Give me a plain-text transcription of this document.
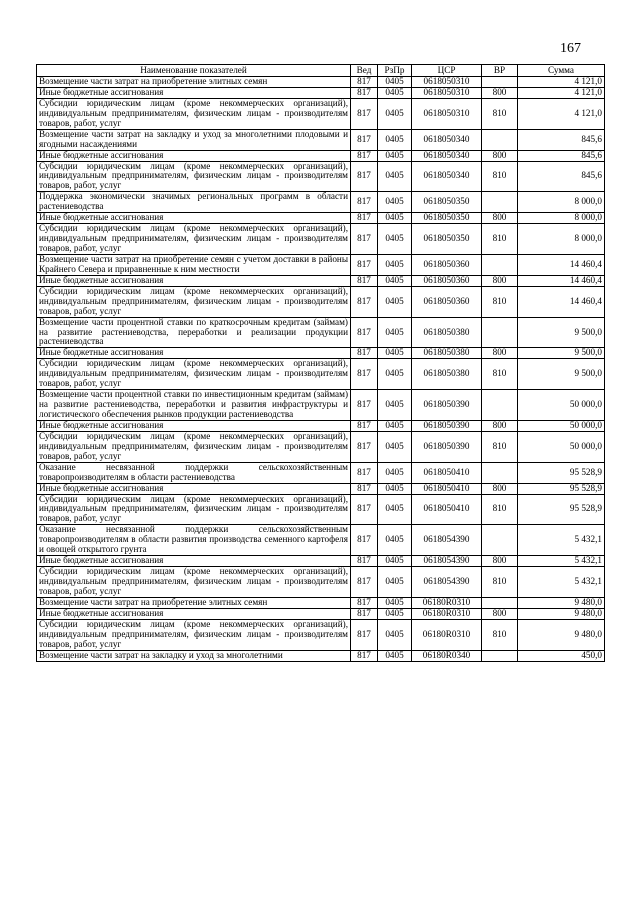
167
Наименование показателей	Вед	РзПр	ЦСР	ВР	Сумма
Возмещение части затрат на приобретение элитных семян	817	0405	0618050310		4 121,0
Иные бюджетные ассигнования	817	0405	0618050310	800	4 121,0
Субсидии юридическим лицам (кроме некоммерческих организаций), индивидуальным предпринимателям, физическим лицам - производителям товаров, работ, услуг	817	0405	0618050310	810	4 121,0
Возмещение части затрат на закладку и уход за многолетними плодовыми и ягодными насаждениями	817	0405	0618050340		845,6
Иные бюджетные ассигнования	817	0405	0618050340	800	845,6
Субсидии юридическим лицам (кроме некоммерческих организаций), индивидуальным предпринимателям, физическим лицам - производителям товаров, работ, услуг	817	0405	0618050340	810	845,6
Поддержка экономически значимых региональных программ в области растениеводства	817	0405	0618050350		8 000,0
Иные бюджетные ассигнования	817	0405	0618050350	800	8 000,0
Субсидии юридическим лицам (кроме некоммерческих организаций), индивидуальным предпринимателям, физическим лицам - производителям товаров, работ, услуг	817	0405	0618050350	810	8 000,0
Возмещение части затрат на приобретение семян с учетом доставки в районы Крайнего Севера и приравненные к ним местности	817	0405	0618050360		14 460,4
Иные бюджетные ассигнования	817	0405	0618050360	800	14 460,4
Субсидии юридическим лицам (кроме некоммерческих организаций), индивидуальным предпринимателям, физическим лицам - производителям товаров, работ, услуг	817	0405	0618050360	810	14 460,4
Возмещение части процентной ставки по краткосрочным кредитам (займам) на развитие растениеводства, переработки и реализации продукции растениеводства	817	0405	0618050380		9 500,0
Иные бюджетные ассигнования	817	0405	0618050380	800	9 500,0
Субсидии юридическим лицам (кроме некоммерческих организаций), индивидуальным предпринимателям, физическим лицам - производителям товаров, работ, услуг	817	0405	0618050380	810	9 500,0
Возмещение части процентной ставки по инвестиционным кредитам (займам) на развитие растениеводства, переработки и развития инфраструктуры и логистического обеспечения рынков продукции растениеводства	817	0405	0618050390		50 000,0
Иные бюджетные ассигнования	817	0405	0618050390	800	50 000,0
Субсидии юридическим лицам (кроме некоммерческих организаций), индивидуальным предпринимателям, физическим лицам - производителям товаров, работ, услуг	817	0405	0618050390	810	50 000,0
Оказание несвязанной поддержки сельскохозяйственным товаропроизводителям в области растениеводства	817	0405	0618050410		95 528,9
Иные бюджетные ассигнования	817	0405	0618050410	800	95 528,9
Субсидии юридическим лицам (кроме некоммерческих организаций), индивидуальным предпринимателям, физическим лицам - производителям товаров, работ, услуг	817	0405	0618050410	810	95 528,9
Оказание несвязанной поддержки сельскохозяйственным товаропроизводителям в области развития производства семенного картофеля и овощей открытого грунта	817	0405	0618054390		5 432,1
Иные бюджетные ассигнования	817	0405	0618054390	800	5 432,1
Субсидии юридическим лицам (кроме некоммерческих организаций), индивидуальным предпринимателям, физическим лицам - производителям товаров, работ, услуг	817	0405	0618054390	810	5 432,1
Возмещение части затрат на приобретение элитных семян	817	0405	06180R0310		9 480,0
Иные бюджетные ассигнования	817	0405	06180R0310	800	9 480,0
Субсидии юридическим лицам (кроме некоммерческих организаций), индивидуальным предпринимателям, физическим лицам - производителям товаров, работ, услуг	817	0405	06180R0310	810	9 480,0
Возмещение части затрат на закладку и уход за многолетними	817	0405	06180R0340		450,0
